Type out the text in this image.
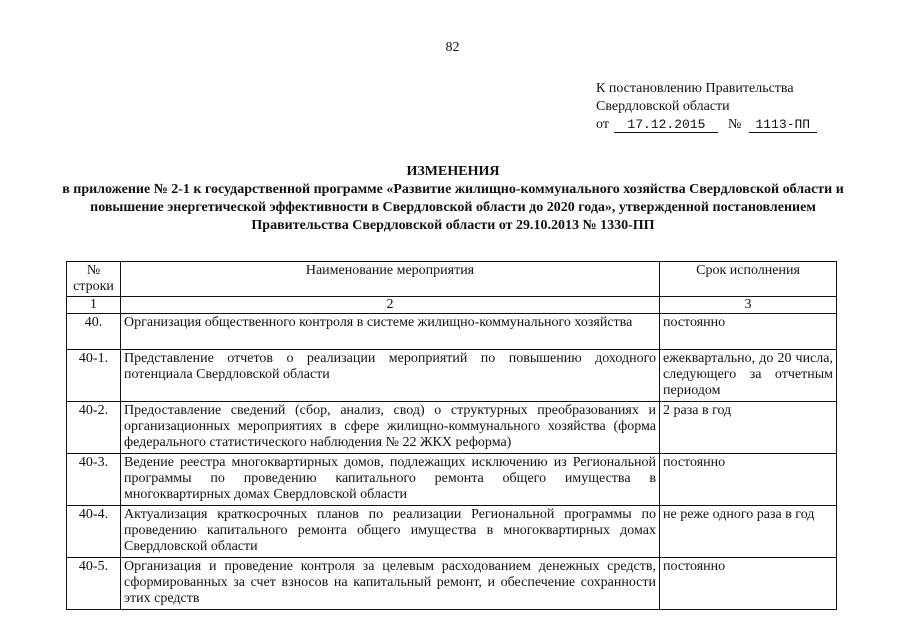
82
К постановлению Правительства
Свердловской области
от 17.12.2015 № 1113-ПП
ИЗМЕНЕНИЯ
в приложение № 2-1 к государственной программе «Развитие жилищно-коммунального хозяйства Свердловской области и повышение энергетической эффективности в Свердловской области до 2020 года», утвержденной постановлением Правительства Свердловской области от 29.10.2013 № 1330-ПП
№ строки	Наименование мероприятия	Срок исполнения
1	2	3
40.	Организация общественного контроля в системе жилищно-коммунального хозяйства	постоянно
40-1.	Представление отчетов о реализации мероприятий по повышению доходного потенциала Свердловской области	ежеквартально, до 20 числа, следующего за отчетным периодом
40-2.	Предоставление сведений (сбор, анализ, свод) о структурных преобразованиях и организационных мероприятиях в сфере жилищно-коммунального хозяйства (форма федерального статистического наблюдения № 22 ЖКХ реформа)	2 раза в год
40-3.	Ведение реестра многоквартирных домов, подлежащих исключению из Региональной программы по проведению капитального ремонта общего имущества в многоквартирных домах Свердловской области	постоянно
40-4.	Актуализация краткосрочных планов по реализации Региональной программы по проведению капитального ремонта общего имущества в многоквартирных домах Свердловской области	не реже одного раза в год
40-5.	Организация и проведение контроля за целевым расходованием денежных средств, сформированных за счет взносов на капитальный ремонт, и обеспечение сохранности этих средств	постоянно
